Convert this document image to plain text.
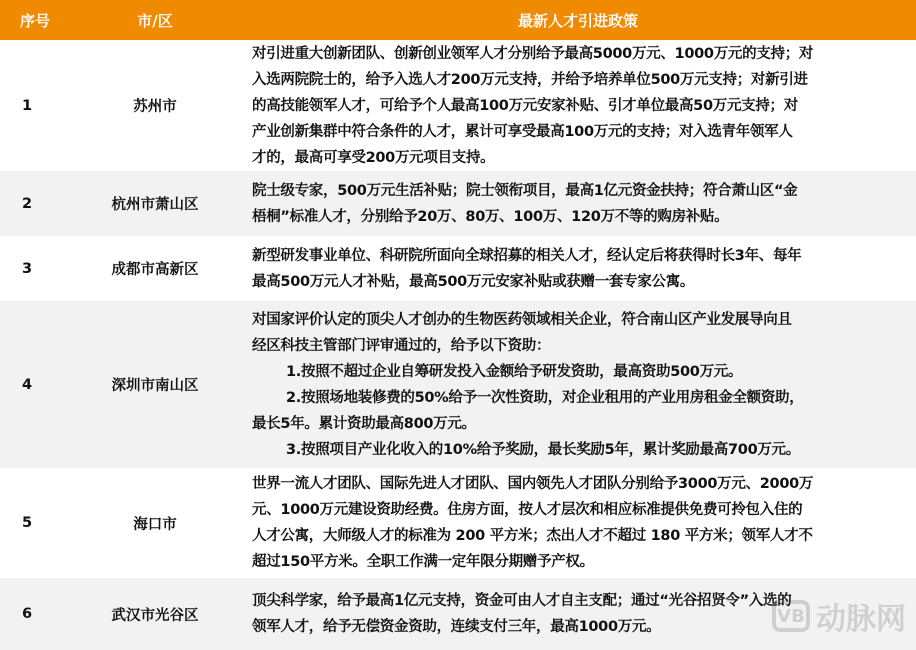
序号	市/区	最新人才引进政策
1	苏州市
对引进重大创新团队、创新创业领军人才分别给予最高5000万元、1000万元的支持；对
入选两院院士的，给予入选人才200万元支持，并给予培养单位500万元支持；对新引进
的高技能领军人才，可给予个人最高100万元安家补贴、引才单位最高50万元支持；对
产业创新集群中符合条件的人才，累计可享受最高100万元的支持；对入选青年领军人
才的，最高可享受200万元项目支持。
2	杭州市萧山区
院士级专家，500万元生活补贴；院士领衔项目，最高1亿元资金扶持；符合萧山区“金
梧桐”标准人才，分别给予20万、80万、100万、120万不等的购房补贴。
3	成都市高新区
新型研发事业单位、科研院所面向全球招募的相关人才，经认定后将获得时长3年、每年
最高500万元人才补贴，最高500万元安家补贴或获赠一套专家公寓。
4	深圳市南山区
对国家评价认定的顶尖人才创办的生物医药领域相关企业，符合南山区产业发展导向且
经区科技主管部门评审通过的，给予以下资助：
1.按照不超过企业自筹研发投入金额给予研发资助，最高资助500万元。
2.按照场地装修费的50%给予一次性资助，对企业租用的产业用房租金全额资助，
最长5年。累计资助最高800万元。
3.按照项目产业化收入的10%给予奖励，最长奖励5年，累计奖励最高700万元。
5	海口市
世界一流人才团队、国际先进人才团队、国内领先人才团队分别给予3000万元、2000万
元、1000万元建设资助经费。住房方面，按人才层次和相应标准提供免费可拎包入住的
人才公寓，大师级人才的标准为 200 平方米；杰出人才不超过 180 平方米；领军人才不
超过150平方米。全职工作满一定年限分期赠予产权。
6	武汉市光谷区
顶尖科学家，给予最高1亿元支持，资金可由人才自主支配；通过“光谷招贤令”入选的
领军人才，给予无偿资金资助，连续支付三年，最高1000万元。
VB 动脉网
